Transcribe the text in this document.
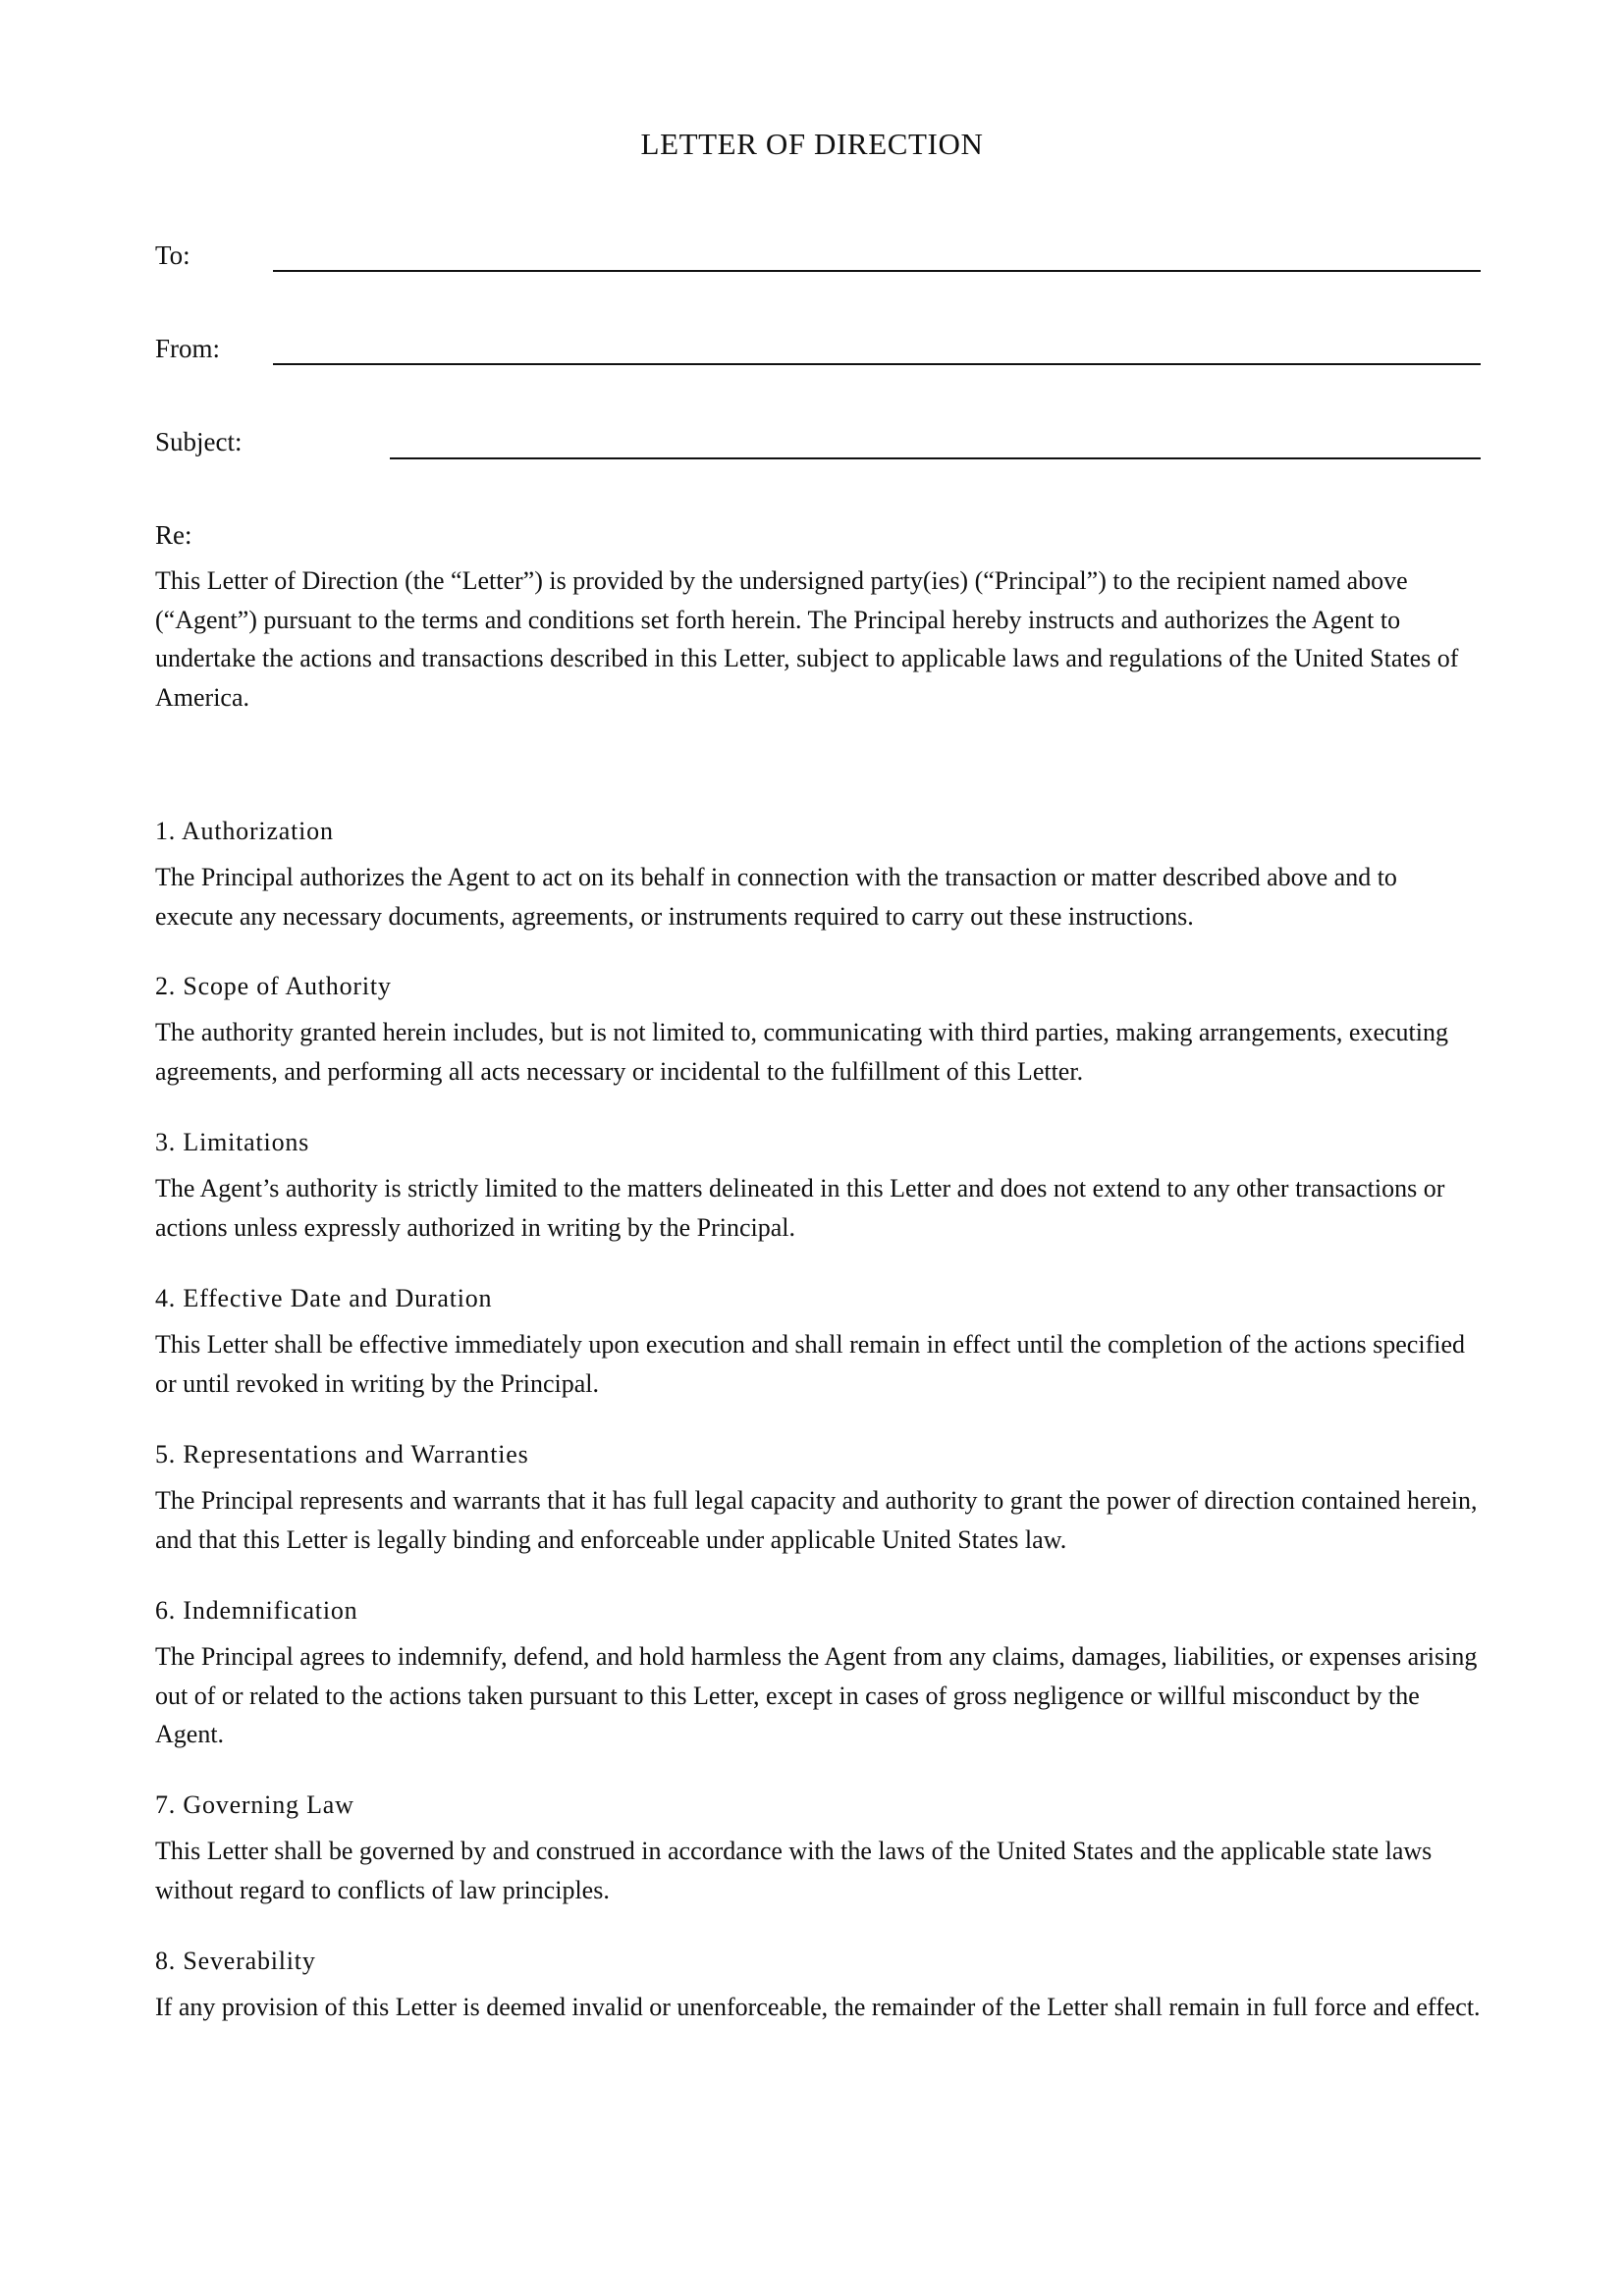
LETTER OF DIRECTION
To:
From:
Subject:
Re:

This Letter of Direction (the “Letter”) is provided by the undersigned party(ies) (“Principal”) to the recipient named above (“Agent”) pursuant to the terms and conditions set forth herein. The Principal hereby instructs and authorizes the Agent to undertake the actions and transactions described in this Letter, subject to applicable laws and regulations of the United States of America.

1. Authorization

The Principal authorizes the Agent to act on its behalf in connection with the transaction or matter described above and to execute any necessary documents, agreements, or instruments required to carry out these instructions.

2. Scope of Authority

The authority granted herein includes, but is not limited to, communicating with third parties, making arrangements, executing agreements, and performing all acts necessary or incidental to the fulfillment of this Letter.

3. Limitations

The Agent’s authority is strictly limited to the matters delineated in this Letter and does not extend to any other transactions or actions unless expressly authorized in writing by the Principal.

4. Effective Date and Duration

This Letter shall be effective immediately upon execution and shall remain in effect until the completion of the actions specified or until revoked in writing by the Principal.

5. Representations and Warranties

The Principal represents and warrants that it has full legal capacity and authority to grant the power of direction contained herein, and that this Letter is legally binding and enforceable under applicable United States law.

6. Indemnification

The Principal agrees to indemnify, defend, and hold harmless the Agent from any claims, damages, liabilities, or expenses arising out of or related to the actions taken pursuant to this Letter, except in cases of gross negligence or willful misconduct by the Agent.

7. Governing Law

This Letter shall be governed by and construed in accordance with the laws of the United States and the applicable state laws without regard to conflicts of law principles.

8. Severability

If any provision of this Letter is deemed invalid or unenforceable, the remainder of the Letter shall remain in full force and effect.
